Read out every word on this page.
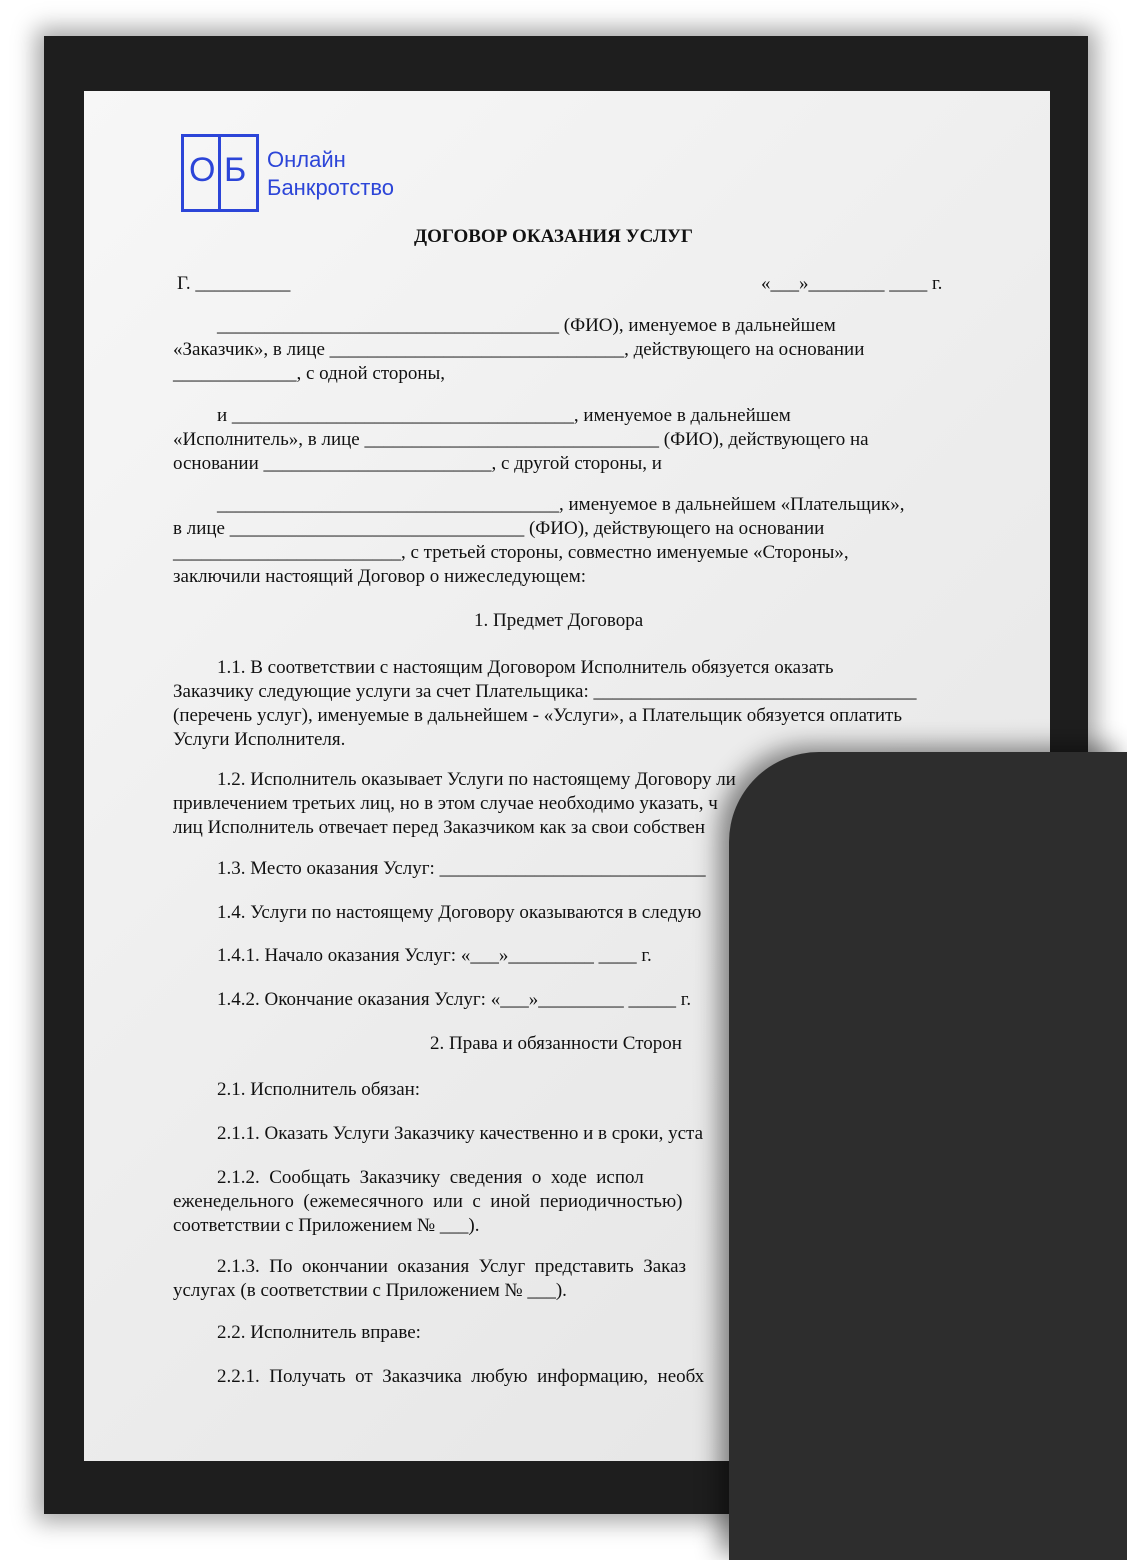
О Б Онлайн
Банкротство
ДОГОВОР ОКАЗАНИЯ УСЛУГ
Г. __________	«___»________ ____ г.
____________________________________ (ФИО), именуемое в дальнейшем
«Заказчик», в лице _______________________________, действующего на основании
_____________, с одной стороны,
и ____________________________________, именуемое в дальнейшем
«Исполнитель», в лице _______________________________ (ФИО), действующего на
основании ________________________, с другой стороны, и
____________________________________, именуемое в дальнейшем «Плательщик»,
в лице _______________________________ (ФИО), действующего на основании
________________________, с третьей стороны, совместно именуемые «Стороны»,
заключили настоящий Договор о нижеследующем:
1. Предмет Договора
1.1. В соответствии с настоящим Договором Исполнитель обязуется оказать
Заказчику следующие услуги за счет Плательщика: __________________________________
(перечень услуг), именуемые в дальнейшем - «Услуги», а Плательщик обязуется оплатить
Услуги Исполнителя.
1.2. Исполнитель оказывает Услуги по настоящему Договору ли
привлечением третьих лиц, но в этом случае необходимо указать, ч
лиц Исполнитель отвечает перед Заказчиком как за свои собствен
1.3. Место оказания Услуг: ____________________________
1.4. Услуги по настоящему Договору оказываются в следую
1.4.1. Начало оказания Услуг: «___»_________ ____ г.
1.4.2. Окончание оказания Услуг: «___»_________ _____ г.
2. Права и обязанности Сторон
2.1. Исполнитель обязан:
2.1.1. Оказать Услуги Заказчику качественно и в сроки, уста
2.1.2.  Сообщать  Заказчику  сведения  о  ходе  испол
еженедельного  (ежемесячного  или  с  иной  периодичностью)
соответствии с Приложением № ___).
2.1.3.  По  окончании  оказания  Услуг  представить  Заказ
услугах (в соответствии с Приложением № ___).
2.2. Исполнитель вправе:
2.2.1.  Получать  от  Заказчика  любую  информацию,  необх
